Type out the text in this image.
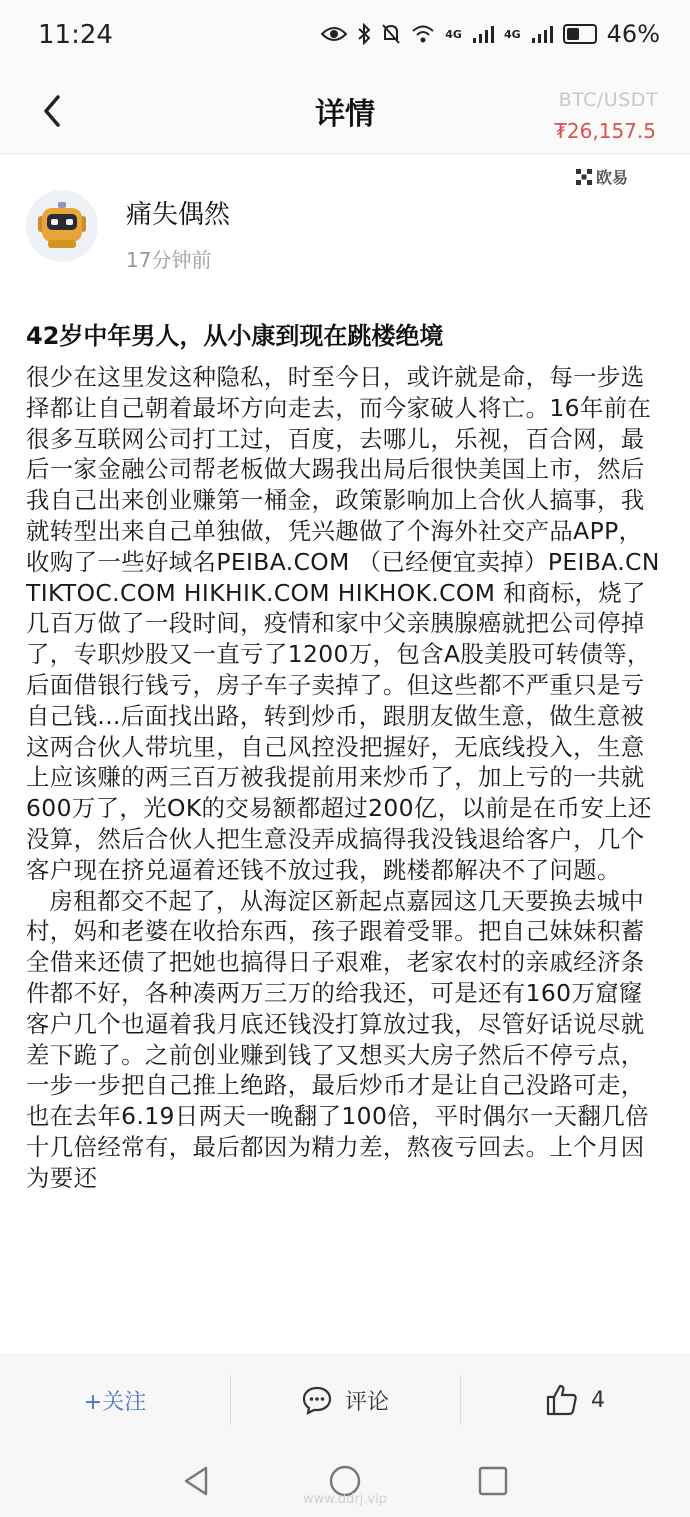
11:24	4G	4G	46%
详情	BTC/USDT
₮26,157.5
欧易
痛失偶然
17分钟前
42岁中年男人，从小康到现在跳楼绝境

很少在这里发这种隐私，时至今日，或许就是命，每一步选择都让自己朝着最坏方向走去，而今家破人将亡。16年前在很多互联网公司打工过，百度，去哪儿，乐视，百合网，最后一家金融公司帮老板做大踢我出局后很快美国上市，然后我自己出来创业赚第一桶金，政策影响加上合伙人搞事，我就转型出来自己单独做，凭兴趣做了个海外社交产品APP，收购了一些好域名PEIBA.COM （已经便宜卖掉）PEIBA.CN TIKTOC.COM HIKHIK.COM HIKHOK.COM 和商标，烧了几百万做了一段时间，疫情和家中父亲胰腺癌就把公司停掉了，专职炒股又一直亏了1200万，包含A股美股可转债等，后面借银行钱亏，房子车子卖掉了。但这些都不严重只是亏自己钱...后面找出路，转到炒币，跟朋友做生意，做生意被这两合伙人带坑里，自己风控没把握好，无底线投入，生意上应该赚的两三百万被我提前用来炒币了，加上亏的一共就600万了，光OK的交易额都超过200亿，以前是在币安上还没算，然后合伙人把生意没弄成搞得我没钱退给客户，几个客户现在挤兑逼着还钱不放过我，跳楼都解决不了问题。

房租都交不起了，从海淀区新起点嘉园这几天要换去城中村，妈和老婆在收拾东西，孩子跟着受罪。把自己妹妹积蓄全借来还债了把她也搞得日子艰难，老家农村的亲戚经济条件都不好，各种凑两万三万的给我还，可是还有160万窟窿客户几个也逼着我月底还钱没打算放过我，尽管好话说尽就差下跪了。之前创业赚到钱了又想买大房子然后不停亏点，一步一步把自己推上绝路，最后炒币才是让自己没路可走，也在去年6.19日两天一晚翻了100倍，平时偶尔一天翻几倍十几倍经常有，最后都因为精力差，熬夜亏回去。上个月因为要还

+关注	评论	4
www.ddrj.vip
